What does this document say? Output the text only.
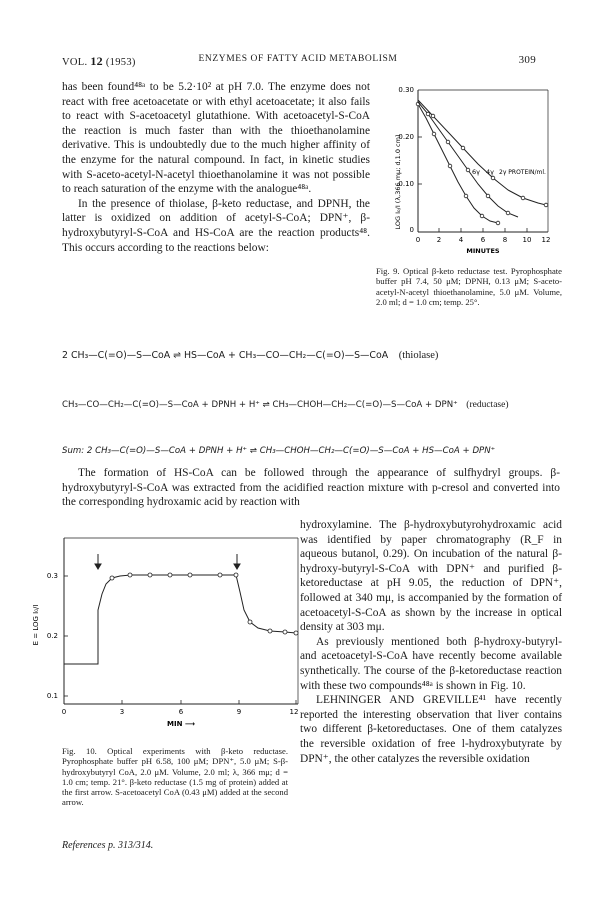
VOL. 12 (1953)	ENZYMES OF FATTY ACID METABOLISM	309
has been found⁴⁸ᵃ to be 5.2·10² at pH 7.0. The enzyme does not react with free acetoacetate or with ethyl acetoacetate; it also fails to react with S-acetoacetyl glutathione. With acetoacetyl-S-CoA the reaction is much faster than with the thioethanolamine derivative. This is undoubtedly due to the much higher affinity of the enzyme for the natural compound. In fact, in kinetic studies with S-aceto-acetyl-N-acetyl thioethanolamine it was not possible to reach saturation of the enzyme with the analogue⁴⁸ᵃ.
In the presence of thiolase, β-keto reductase, and DPNH, the latter is oxidized on addition of acetyl-S-CoA; DPN⁺, β-hydroxybutyryl-S-CoA and HS-CoA are the reaction products⁴⁸. This occurs according to the reactions below:
LOG I₀/I (λ,366 mμ; d,1.0 cm)
0.30
0.20
0.10
0
0 2	4	6	8 10 12
MINUTES
6γ 4γ 2γ PROTEIN/ml.
Fig. 9. Optical β-keto reductase test. Pyrophosphate buffer pH 7.4, 50 μM; DPNH, 0.13 μM; S-aceto-acetyl-N-acetyl thioethanolamine, 5.0 μM. Volume, 2.0 ml; d = 1.0 cm; temp. 25°.
2 CH₃—C(=O)—S—CoA ⇌ HS—CoA + CH₃—CO—CH₂—C(=O)—S—CoA (thiolase)
CH₃—CO—CH₂—C(=O)—S—CoA + DPNH + H⁺ ⇌ CH₃—CHOH—CH₂—C(=O)—S—CoA + DPN⁺ (reductase)
Sum: 2 CH₃—C(=O)—S—CoA + DPNH + H⁺ ⇌ CH₃—CHOH—CH₂—C(=O)—S—CoA + HS—CoA + DPN⁺
The formation of HS-CoA can be followed through the appearance of sulfhydryl groups. β-hydroxybutyryl-S-CoA was extracted from the acidified reaction mixture with p-cresol and converted into the corresponding hydroxamic acid by reaction with
hydroxylamine. The β-hydroxybutyrohydroxamic acid was identified by paper chromatography (R_F in aqueous butanol, 0.29). On incubation of the natural β-hydroxy-butyryl-S-CoA with DPN⁺ and purified β-ketoreductase at pH 9.05, the reduction of DPN⁺, followed at 340 mμ, is accompanied by the formation of acetoacetyl-S-CoA as shown by the increase in optical density at 303 mμ.
As previously mentioned both β-hydroxy-butyryl- and acetoacetyl-S-CoA have recently become available synthetically. The course of the β-ketoreductase reaction with these two compounds⁴⁸ᵃ is shown in Fig. 10.
LEHNINGER AND GREVILLE⁴¹ have recently reported the interesting observation that liver contains two different β-ketoreductases. One of them catalyzes the reversible oxidation of free l-hydroxybutyrate by DPN⁺, the other catalyzes the reversible oxidation
E = LOG I₀/I
0.3
0.2
0.1
0	3	6	9	12
MIN ⟶
Fig. 10. Optical experiments with β-keto reductase. Pyrophosphate buffer pH 6.58, 100 μM; DPN⁺, 5.0 μM; S-β-hydroxybutyryl CoA, 2.0 μM. Volume, 2.0 ml; λ, 366 mμ; d = 1.0 cm; temp. 21°. β-keto reductase (1.5 mg of protein) added at the first arrow. S-acetoacetyl CoA (0.43 μM) added at the second arrow.
References p. 313/314.
